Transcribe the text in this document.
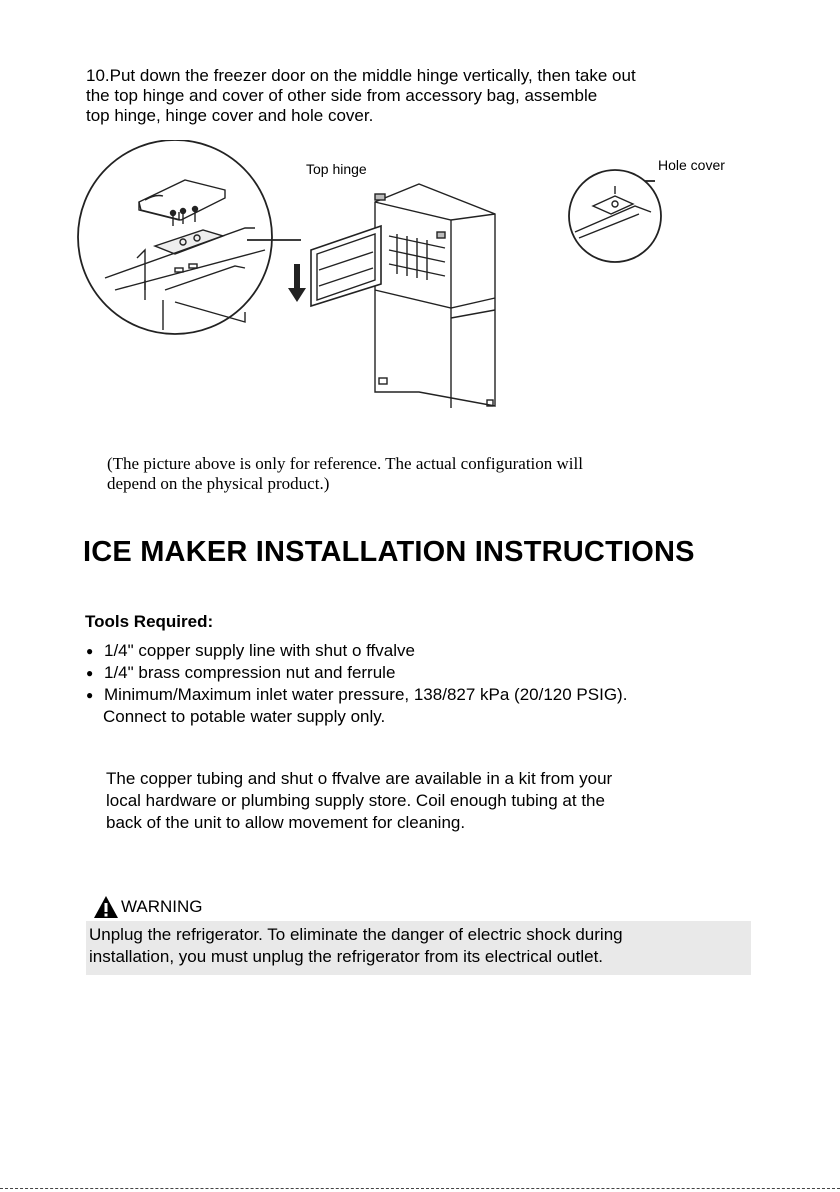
10.Put down the freezer door on the middle hinge vertically, then take out
the top hinge and cover of other side from accessory bag, assemble
top hinge, hinge cover and hole cover.
Top hinge	Hole cover
(The picture above is only for reference. The actual configuration will
depend on the physical product.)
ICE MAKER INSTALLATION INSTRUCTIONS
Tools Required:
● 1/4" copper supply line with shut o ffvalve
● 1/4" brass compression nut and ferrule
● Minimum/Maximum inlet water pressure, 138/827 kPa (20/120 PSIG).
Connect to potable water supply only.
The copper tubing and shut o ffvalve are available in a kit from your
local hardware or plumbing supply store. Coil enough tubing at the
back of the unit to allow movement for cleaning.
WARNING
Unplug the refrigerator. To eliminate the danger of electric shock during
installation, you must unplug the refrigerator from its electrical outlet.
